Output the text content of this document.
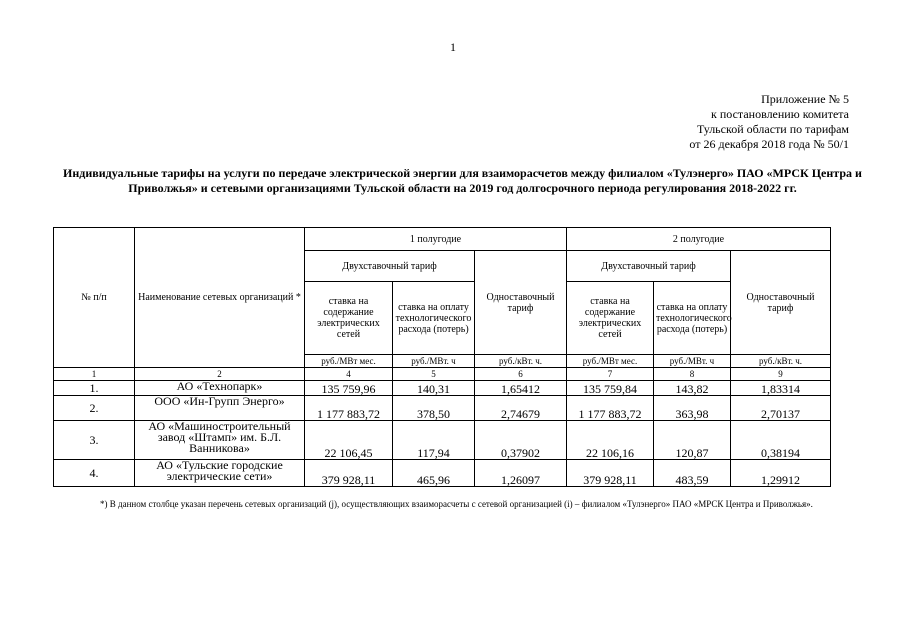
1
Приложение № 5
к постановлению комитета
Тульской области по тарифам
от 26 декабря 2018 года № 50/1
Индивидуальные тарифы на услуги по передаче электрической энергии для взаиморасчетов между филиалом «Тулэнерго» ПАО «МРСК Центра и Приволжья» и сетевыми организациями Тульской области на 2019 год долгосрочного периода регулирования 2018-2022 гг.
№ п/п	Наименование сетевых организаций *	1 полугодие			2 полугодие		
		Двухставочный тариф		Одноставочный тариф	Двухставочный тариф		Одноставочный тариф
		ставка на содержание электрических сетей	ставка на оплату технологического расхода (потерь)		ставка на содержание электрических сетей	ставка на оплату технологического расхода (потерь)	
		руб./МВт мес.	руб./МВт. ч	руб./кВт. ч.	руб./МВт мес.	руб./МВт. ч	руб./кВт. ч.
1	2	4	5	6	7	8	9
1.	АО «Технопарк»	135 759,96	140,31	1,65412	135 759,84	143,82	1,83314
2.	ООО «Ин-Групп Энерго»	1 177 883,72	378,50	2,74679	1 177 883,72	363,98	2,70137
3.	АО «Машиностроительный завод «Штамп» им. Б.Л. Ванникова»	22 106,45	117,94	0,37902	22 106,16	120,87	0,38194
4.	АО «Тульские городские электрические сети»	379 928,11	465,96	1,26097	379 928,11	483,59	1,29912
*) В данном столбце указан перечень сетевых организаций (j), осуществляющих взаиморасчеты с сетевой организацией (i) – филиалом «Тулэнерго» ПАО «МРСК Центра и Приволжья».
